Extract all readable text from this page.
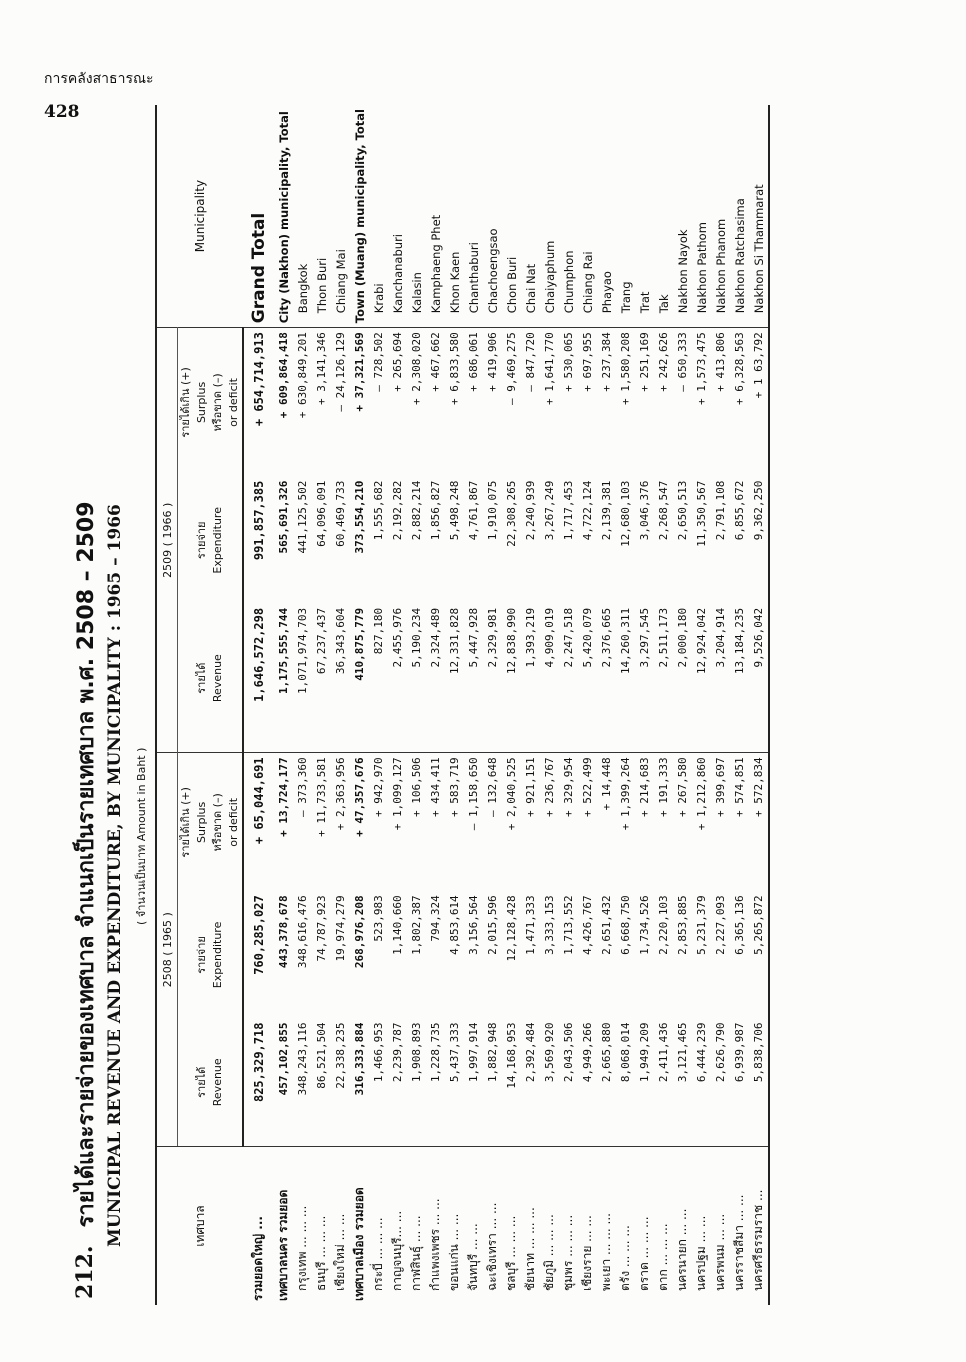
การคลังสาธารณะ
428
212.
รายได้และรายจ่ายของเทศบาล จำแนกเป็นรายเทศบาล พ.ศ. 2508 – 2509 MUNICIPAL REVENUE AND EXPENDITURE, BY MUNICIPALITY : 1965 – 1966 ( จำนวนเป็นบาท Amount in Baht )
เทศบาล	2508 ( 1965 )			2509 ( 1966 )			Municipality
	รายได้ Revenue	รายจ่าย Expenditure	รายได้เกิน (+) Surplus หรือขาด (–) or deficit	รายได้ Revenue	รายจ่าย Expenditure	รายได้เกิน (+) Surplus หรือขาด (–) or deficit	
รวมยอดใหญ่ ...	825,329,718	760,285,027	+ 65,044,691	1,646,572,298	991,857,385	+ 654,714,913	Grand Total
เทศบาลนคร รวมยอด	457,102,855	443,378,678	+ 13,724,177	1,175,555,744	565,691,326	+ 609,864,418	City (Nakhon) municipality, Total
กรุงเทพ ... ... ...	348,243,116	348,616,476	– 373,360	1,071,974,703	441,125,502	+ 630,849,201	Bangkok
ธนบุรี ... ... ...	86,521,504	74,787,923	+ 11,733,581	67,237,437	64,096,091	+ 3,141,346	Thon Buri
เชียงใหม่ ... ...	22,338,235	19,974,279	+ 2,363,956	36,343,604	60,469,733	– 24,126,129	Chiang Mai
เทศบาลเมือง รวมยอด	316,333,884	268,976,208	+ 47,357,676	410,875,779	373,554,210	+ 37,321,569	Town (Muang) municipality, Total
กระบี่ ... ... ...	1,466,953	523,983	+ 942,970	827,180	1,555,682	– 728,502	Krabi
กาญจนบุรี... ...	2,239,787	1,140,660	+ 1,099,127	2,455,976	2,192,282	+ 265,694	Kanchanaburi
กาฬสินธุ์ ... ...	1,908,893	1,802,387	+ 106,506	5,190,234	2,882,214	+ 2,308,020	Kalasin
กำแพงเพชร ... ...	1,228,735	794,324	+ 434,411	2,324,489	1,856,827	+ 467,662	Kamphaeng Phet
ขอนแก่น ... ...	5,437,333	4,853,614	+ 583,719	12,331,828	5,498,248	+ 6,833,580	Khon Kaen
จันทบุรี ... ...	1,997,914	3,156,564	– 1,158,650	5,447,928	4,761,867	+ 686,061	Chanthaburi
ฉะเชิงเทรา ... ...	1,882,948	2,015,596	– 132,648	2,329,981	1,910,075	+ 419,906	Chachoengsao
ชลบุรี ... ... ...	14,168,953	12,128,428	+ 2,040,525	12,838,990	22,308,265	– 9,469,275	Chon Buri
ชัยนาท ... ... ...	2,392,484	1,471,333	+ 921,151	1,393,219	2,240,939	– 847,720	Chai Nat
ชัยภูมิ ... ... ...	3,569,920	3,333,153	+ 236,767	4,909,019	3,267,249	+ 1,641,770	Chaiyaphum
ชุมพร ... ... ...	2,043,506	1,713,552	+ 329,954	2,247,518	1,717,453	+ 530,065	Chumphon
เชียงราย ... ...	4,949,266	4,426,767	+ 522,499	5,420,079	4,722,124	+ 697,955	Chiang Rai
พะเยา ... ... ...	2,665,880	2,651,432	+ 14,448	2,376,665	2,139,381	+ 237,384	Phayao
ตรัง ... ... ...	8,068,014	6,668,750	+ 1,399,264	14,260,311	12,680,103	+ 1,580,208	Trang
ตราด ... ... ...	1,949,209	1,734,526	+ 214,683	3,297,545	3,046,376	+ 251,169	Trat
ตาก ... ... ...	2,411,436	2,220,103	+ 191,333	2,511,173	2,268,547	+ 242,626	Tak
นครนายก ... ...	3,121,465	2,853,885	+ 267,580	2,000,180	2,650,513	– 650,333	Nakhon Nayok
นครปฐม ... ...	6,444,239	5,231,379	+ 1,212,860	12,924,042	11,350,567	+ 1,573,475	Nakhon Pathom
นครพนม ... ...	2,626,790	2,227,093	+ 399,697	3,204,914	2,791,108	+ 413,806	Nakhon Phanom
นครราชสีมา ... ...	6,939,987	6,365,136	+ 574,851	13,184,235	6,855,672	+ 6,328,563	Nakhon Ratchasima
นครศรีธรรมราช ...	5,838,706	5,265,872	+ 572,834	9,526,042	9,362,250	+ 1 63,792	Nakhon Si Thammarat
